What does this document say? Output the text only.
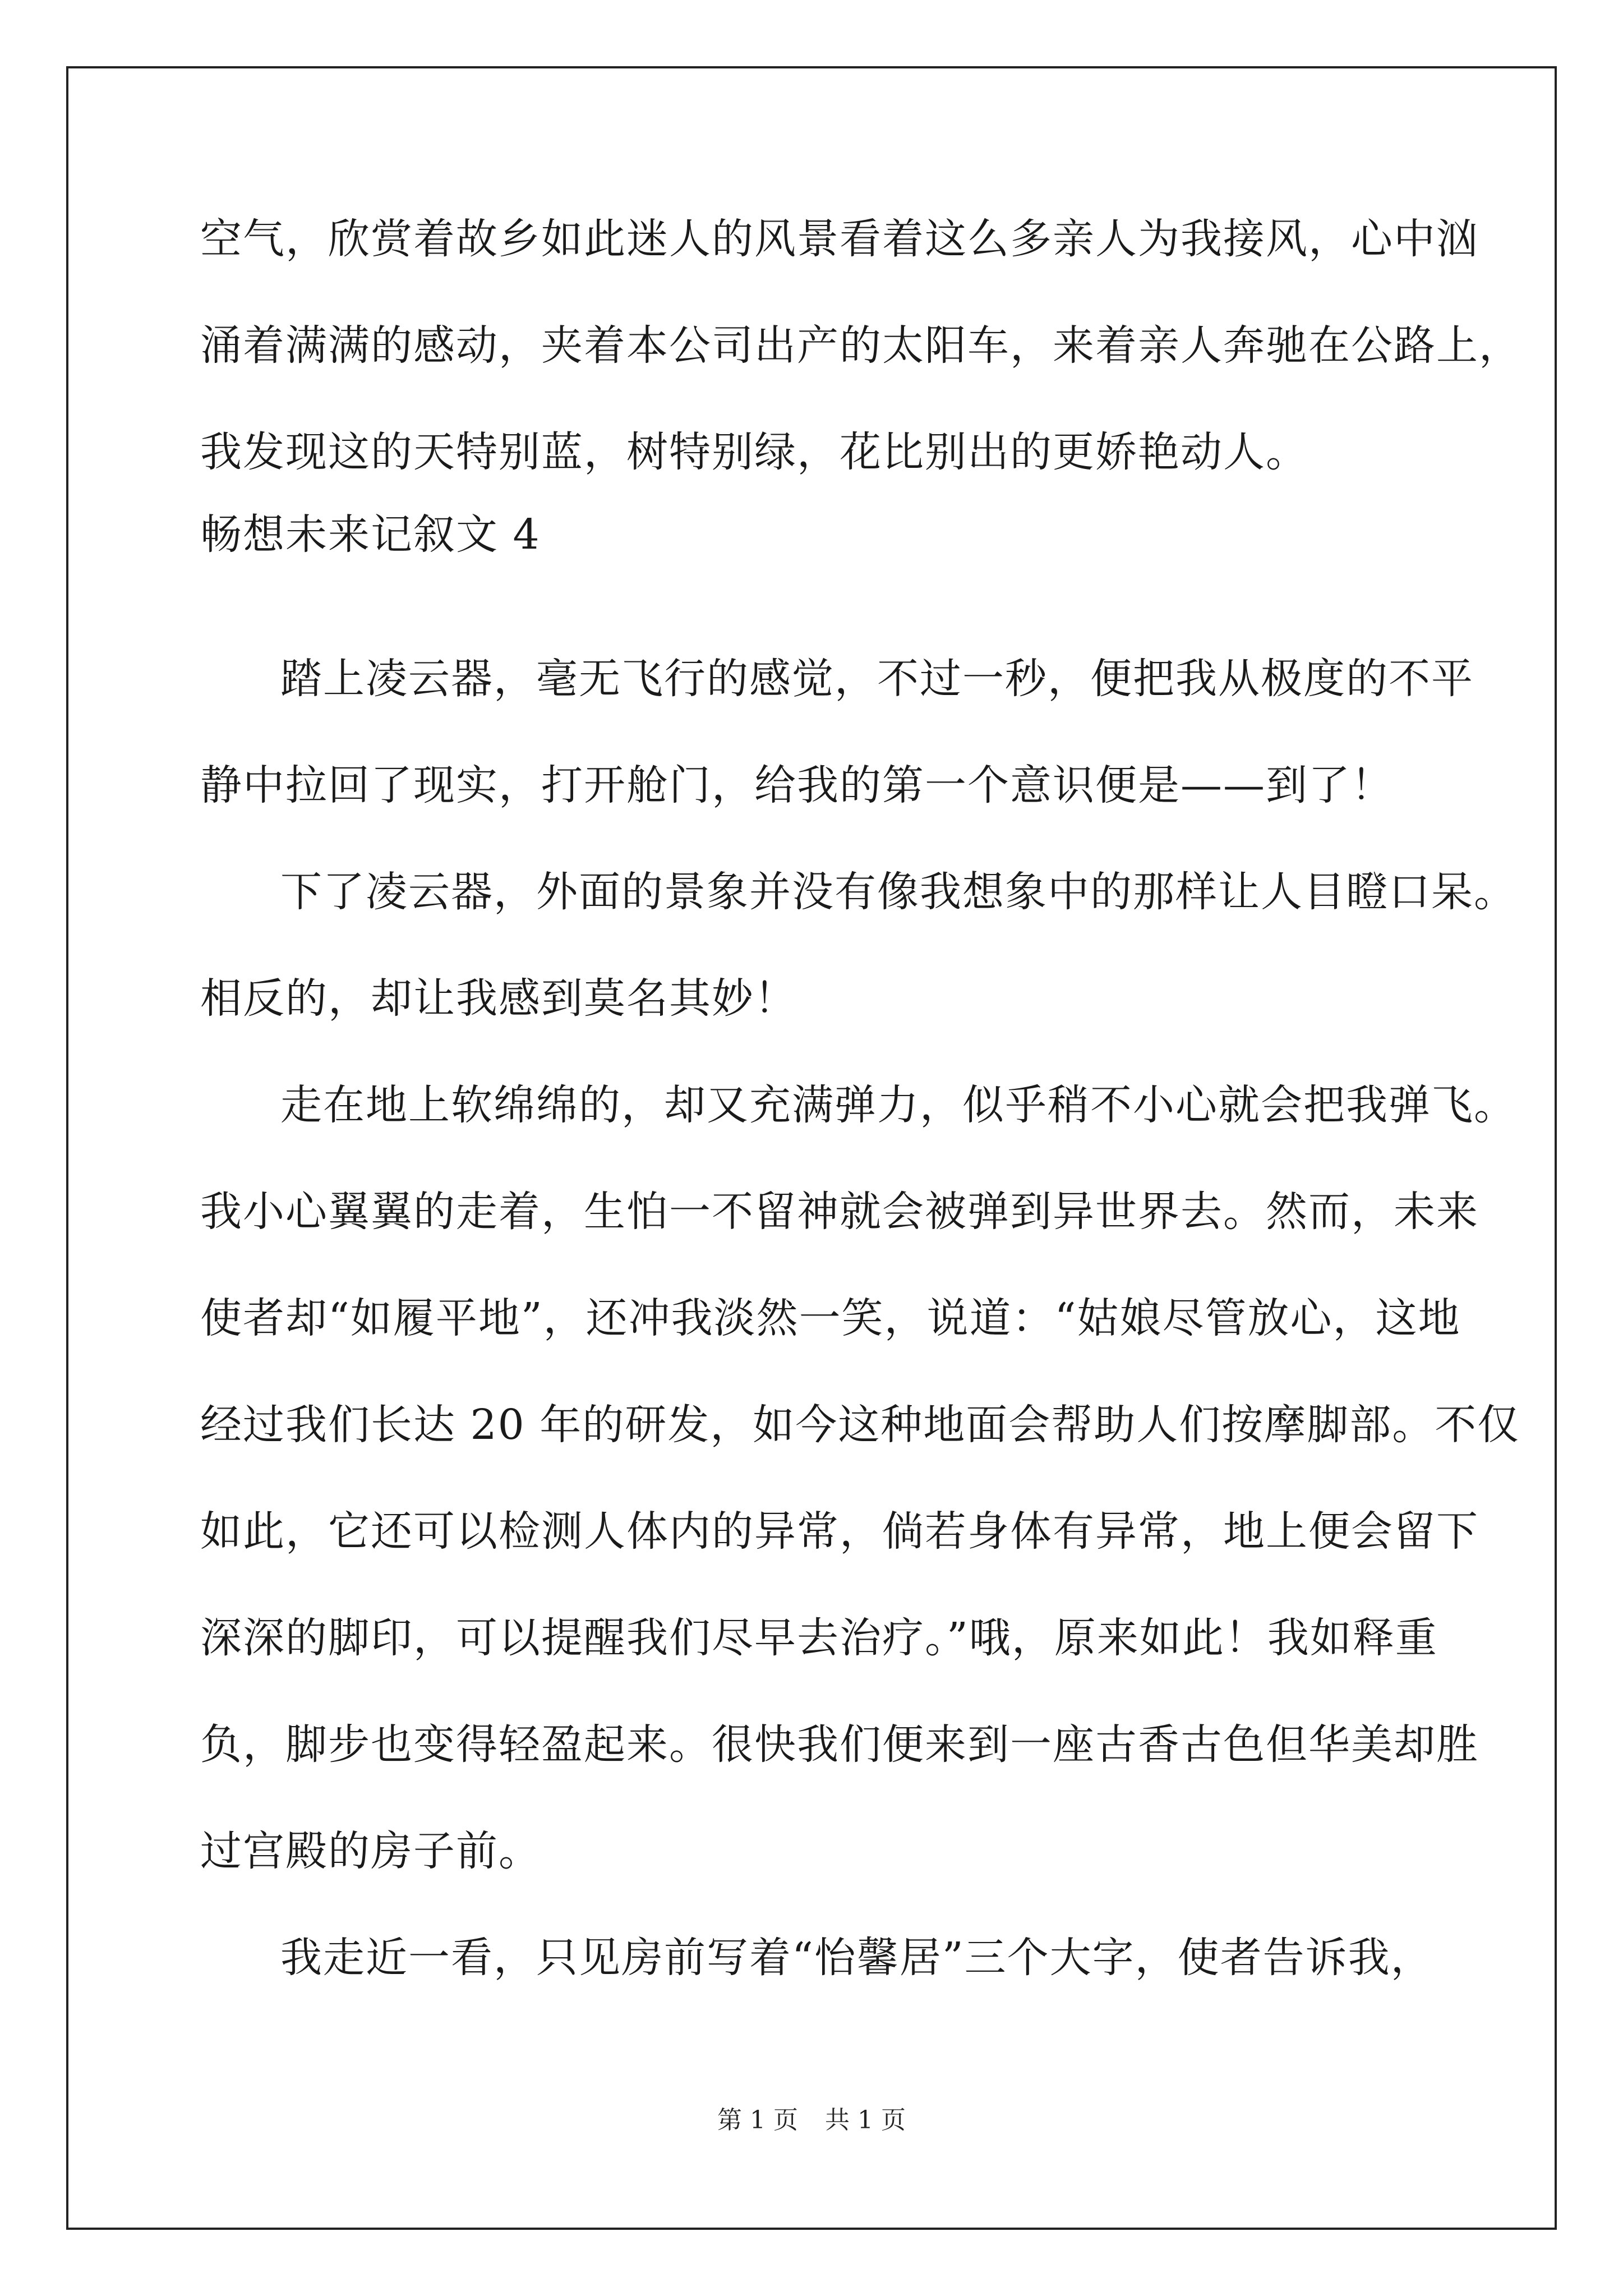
空气，欣赏着故乡如此迷人的风景看着这么多亲人为我接风，心中汹
涌着满满的感动，夹着本公司出产的太阳车，来着亲人奔驰在公路上，
我发现这的天特别蓝，树特别绿，花比别出的更娇艳动人。
畅想未来记叙文 4
踏上凌云器，毫无飞行的感觉，不过一秒，便把我从极度的不平
静中拉回了现实，打开舱门，给我的第一个意识便是——到了！
下了凌云器，外面的景象并没有像我想象中的那样让人目瞪口呆。
相反的，却让我感到莫名其妙！
走在地上软绵绵的，却又充满弹力，似乎稍不小心就会把我弹飞。
我小心翼翼的走着，生怕一不留神就会被弹到异世界去。然而，未来
使者却“如履平地”，还冲我淡然一笑，说道：“姑娘尽管放心，这地
经过我们长达 20 年的研发，如今这种地面会帮助人们按摩脚部。不仅
如此，它还可以检测人体内的异常，倘若身体有异常，地上便会留下
深深的脚印，可以提醒我们尽早去治疗。”哦，原来如此！我如释重
负，脚步也变得轻盈起来。很快我们便来到一座古香古色但华美却胜
过宫殿的房子前。
我走近一看，只见房前写着“怡馨居”三个大字，使者告诉我，
第 1 页 共 1 页
